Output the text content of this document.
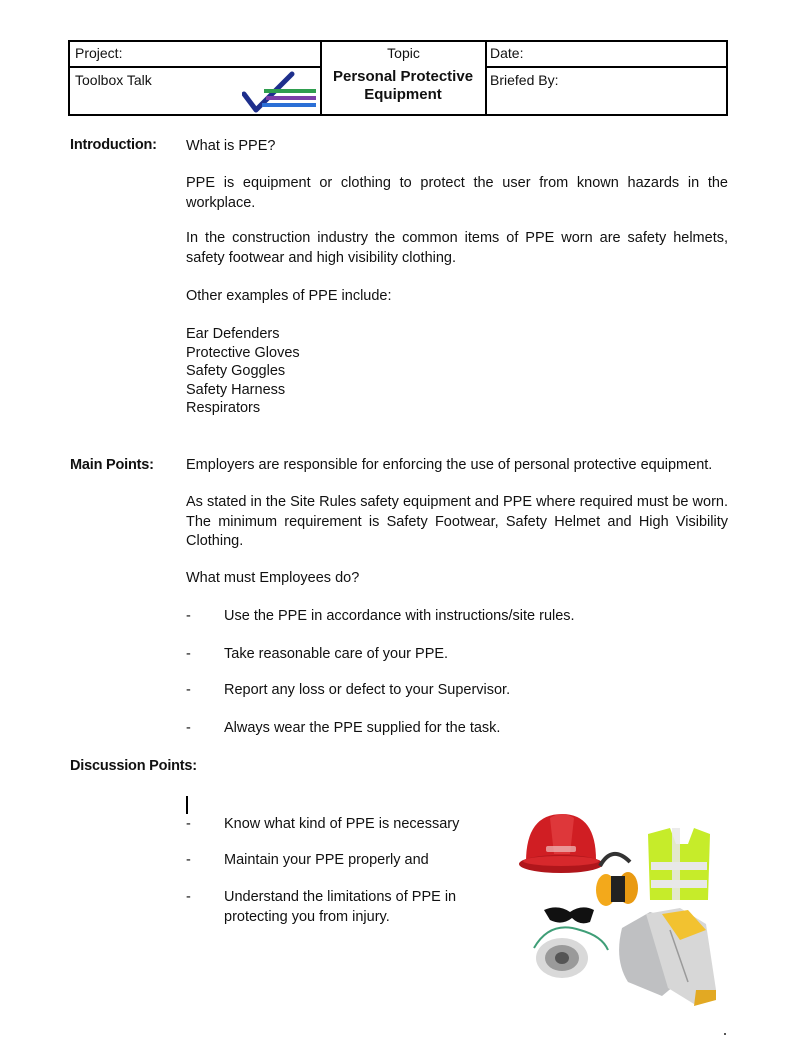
Project:
Toolbox Talk
Topic
Personal Protective
Equipment
Date:
Briefed By:
Introduction: What is PPE?
PPE is equipment or clothing to protect the user from known hazards in the workplace.
In the construction industry the common items of PPE worn are safety helmets, safety footwear and high visibility clothing.
Other examples of PPE include:
Ear Defenders
Protective Gloves
Safety Goggles
Safety Harness
Respirators
Main Points: Employers are responsible for enforcing the use of personal protective equipment.
As stated in the Site Rules safety equipment and PPE where required must be worn. The minimum requirement is Safety Footwear, Safety Helmet and High Visibility Clothing.
What must Employees do?
- Use the PPE in accordance with instructions/site rules.
- Take reasonable care of your PPE.
- Report any loss or defect to your Supervisor.
- Always wear the PPE supplied for the task.
Discussion Points:
- Know what kind of PPE is necessary
- Maintain your PPE properly and
- Understand the limitations of PPE in
protecting you from injury.
